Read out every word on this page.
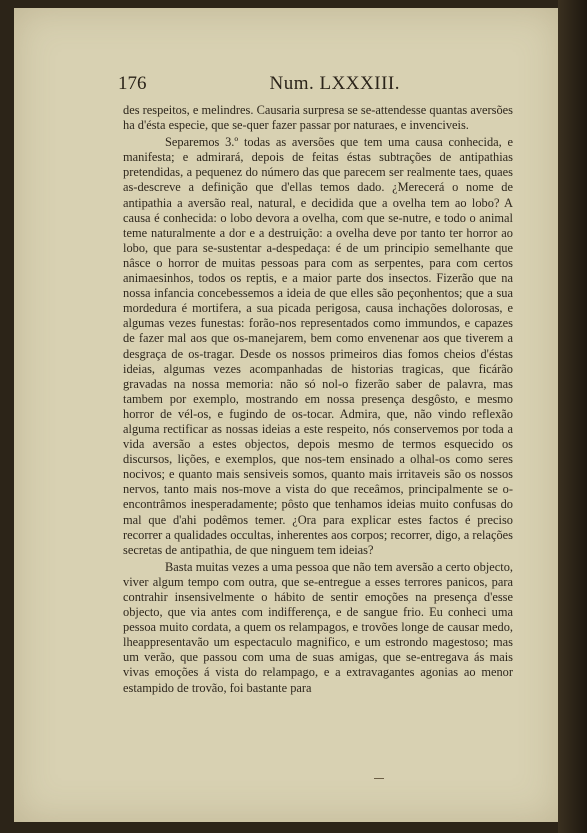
176	Num. LXXXIII.

des respeitos, e melindres. Causaria surpresa se se-attendesse quantas aversões ha d'ésta especie, que se-quer fazer passar por naturaes, e invenciveis.

Separemos 3.º todas as aversões que tem uma causa conhecida, e manifesta; e admirará, depois de feitas éstas subtrações de antipathias pretendidas, a pequenez do número das que parecem ser realmente taes, quaes as-descreve a definição que d'ellas temos dado. ¿Merecerá o nome de antipathia a aversão real, natural, e decidida que a ovelha tem ao lobo? A causa é conhecida: o lobo devora a ovelha, com que se-nutre, e todo o animal teme naturalmente a dor e a destruição: a ovelha deve por tanto ter horror ao lobo, que para se-sustentar a-despedaça: é de um principio semelhante que nâsce o horror de muitas pessoas para com as serpentes, para com certos animaesinhos, todos os reptis, e a maior parte dos insectos. Fizerão que na nossa infancia concebessemos a ideia de que elles são peçonhentos; que a sua mordedura é mortifera, a sua picada perigosa, causa inchações dolorosas, e algumas vezes funestas: forão-nos representados como immundos, e capazes de fazer mal aos que os-manejarem, bem como envenenar aos que tiverem a desgraça de os-tragar. Desde os nossos primeiros dias fomos cheios d'éstas ideias, algumas vezes acompanhadas de historias tragicas, que ficárão gravadas na nossa memoria: não só nol-o fizerão saber de palavra, mas tambem por exemplo, mostrando em nossa presença desgôsto, e mesmo horror de vél-os, e fugindo de os-tocar. Admira, que, não vindo reflexão alguma rectificar as nossas ideias a este respeito, nós conservemos por toda a vida aversão a estes objectos, depois mesmo de termos esquecido os discursos, lições, e exemplos, que nos-tem ensinado a olhal-os como seres nocivos; e quanto mais sensiveis somos, quanto mais irritaveis são os nossos nervos, tanto mais nos-move a vista do que receâmos, principalmente se o-encontrâmos inesperadamente; pôsto que tenhamos ideias muito confusas do mal que d'ahi podêmos temer. ¿Ora para explicar estes factos é preciso recorrer a qualidades occultas, inherentes aos corpos; recorrer, digo, a relações secretas de antipathia, de que ninguem tem ideias?

Basta muitas vezes a uma pessoa que não tem aversão a certo objecto, viver algum tempo com outra, que se-entregue a esses terrores panicos, para contrahir insensivelmente o hábito de sentir emoções na presença d'esse objecto, que via antes com indifferença, e de sangue frio. Eu conheci uma pessoa muito cordata, a quem os relampagos, e trovões longe de causar medo, lheappresentavão um espectaculo magnifico, e um estrondo magestoso; mas um verão, que passou com uma de suas amigas, que se-entregava ás mais vivas emoções á vista do relampago, e a extravagantes agonias ao menor estampido de trovão, foi bastante para
